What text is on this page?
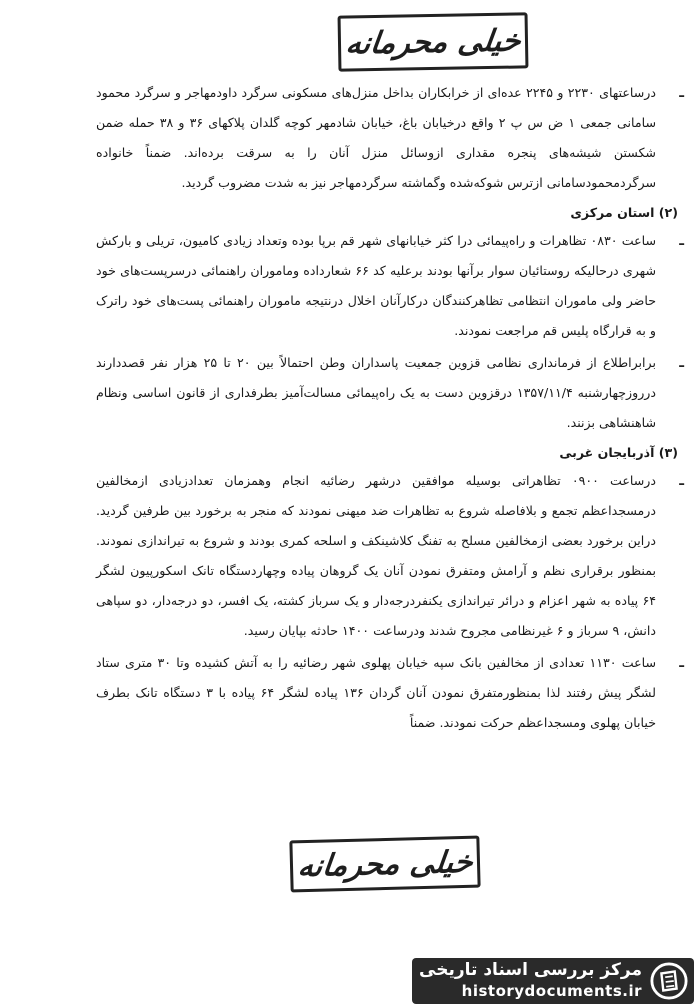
خیلی محرمانه
ـ

درساعتهای ۲۲۳۰ و ۲۲۴۵ عده‌ای از خرابکاران بداخل منزل‌های مسکونی سرگرد داودمهاجر و سرگرد محمود سامانی جمعی ۱ ض س پ ۲ واقع درخیابان باغ، خیابان شادمهر کوچه گلدان پلاکهای ۳۶ و ۳۸ حمله ضمن شکستن شیشه‌های پنجره مقداری ازوسائل منزل آنان را به سرقت برده‌اند. ضمناً خانواده سرگردمحمودسامانی ازترس شوکه‌شده وگماشته سرگردمهاجر نیز به شدت مضروب گردید.

(۲) استان مرکزی

ـ

ساعت ۰۸۳۰ تظاهرات و راه‌پیمائی درا کثر خیابانهای شهر قم برپا بوده وتعداد زیادی کامیون، تریلی و بارکش شهری درحالیکه روستائیان سوار برآنها بودند برعلیه کد ۶۶ شعارداده وماموران راهنمائی درسرپست‌های خود حاضر ولی ماموران انتظامی تظاهرکنندگان درکارآنان اخلال درنتیجه ماموران راهنمائی پست‌های خود راترک و به قرارگاه پلیس قم مراجعت نمودند.

ـ

برابراطلاع از فرمانداری نظامی قزوین جمعیت پاسداران وطن احتمالاً بین ۲۰ تا ۲۵ هزار نفر قصددارند درروزچهارشنبه ۱۳۵۷/۱۱/۴ درقزوین دست به یک راه‌پیمائی مسالت‌آمیز بطرفداری از قانون اساسی ونظام شاهنشاهی بزنند.

(۳) آذربایجان غربی

ـ

درساعت ۰۹۰۰ تظاهراتی بوسیله موافقین درشهر رضائیه انجام وهمزمان تعدادزیادی ازمخالفین درمسجداعظم تجمع و بلافاصله شروع به تظاهرات ضد میهنی نمودند که منجر به برخورد بین طرفین گردید. دراین برخورد بعضی ازمخالفین مسلح به تفنگ کلاشینکف و اسلحه کمری بودند و شروع به تیراندازی نمودند. بمنظور برقراری نظم و آرامش ومتفرق نمودن آنان یک گروهان پیاده وچهاردستگاه تانک اسکورپیون لشگر ۶۴ پیاده به شهر اعزام و درائر تیراندازی یکنفردرجه‌دار و یک سرباز کشته، یک افسر، دو درجه‌دار، دو سپاهی دانش، ۹ سرباز و ۶ غیرنظامی مجروح شدند ودرساعت ۱۴۰۰ حادثه بپایان رسید.

ـ

ساعت ۱۱۳۰ تعدادی از مخالفین بانک سپه خیابان پهلوی شهر رضائیه را به آتش کشیده وتا ۳۰ متری ستاد لشگر پیش رفتند لذا بمنظورمتفرق نمودن آنان گردان ۱۳۶ پیاده لشگر ۶۴ پیاده با ۳ دستگاه تانک بطرف خیابان پهلوی ومسجداعظم حرکت نمودند. ضمناً

خیلی محرمانه
مرکز بررسی اسناد تاریخی
historydocuments.ir
